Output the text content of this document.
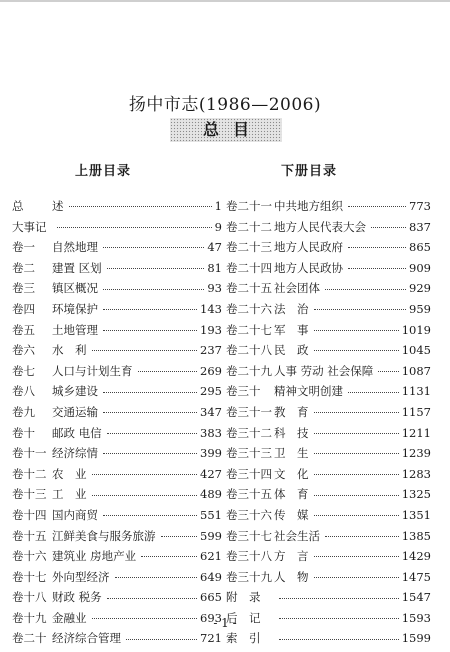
扬中市志(1986—2006)
总目
上册目录	下册目录
总	述	1
大事记	9
卷一	自然地理	47
卷二	建置 区划	81
卷三	镇区概况	93
卷四	环境保护	143
卷五	土地管理	193
卷六	水　利	237
卷七	人口与计划生育	269
卷八	城乡建设	295
卷九	交通运输	347
卷十	邮政 电信	383
卷十一 经济综情	399
卷十二 农　业	427
卷十三 工　业	489
卷十四 国内商贸	551
卷十五 江鲜美食与服务旅游	599
卷十六 建筑业 房地产业	621
卷十七 外向型经济	649
卷十八 财政 税务	665
卷十九 金融业	693
卷二十 经济综合管理	721
卷二十一 中共地方组织	773
卷二十二 地方人民代表大会	837
卷二十三 地方人民政府	865
卷二十四 地方人民政协	909
卷二十五 社会团体	929
卷二十六 法　治	959
卷二十七 军　事	1019
卷二十八 民　政	1045
卷二十九 人事 劳动 社会保障 1087
卷三十	精神文明创建	1131
卷三十一 教　育	1157
卷三十二 科　技	1211
卷三十三 卫　生	1239
卷三十四 文　化	1283
卷三十五 体　育	1325
卷三十六 传　媒	1351
卷三十七 社会生活	1385
卷三十八 方　言	1429
卷三十九 人　物	1475
附　录	1547
后　记	1593
索　引	1599
- 1 -
